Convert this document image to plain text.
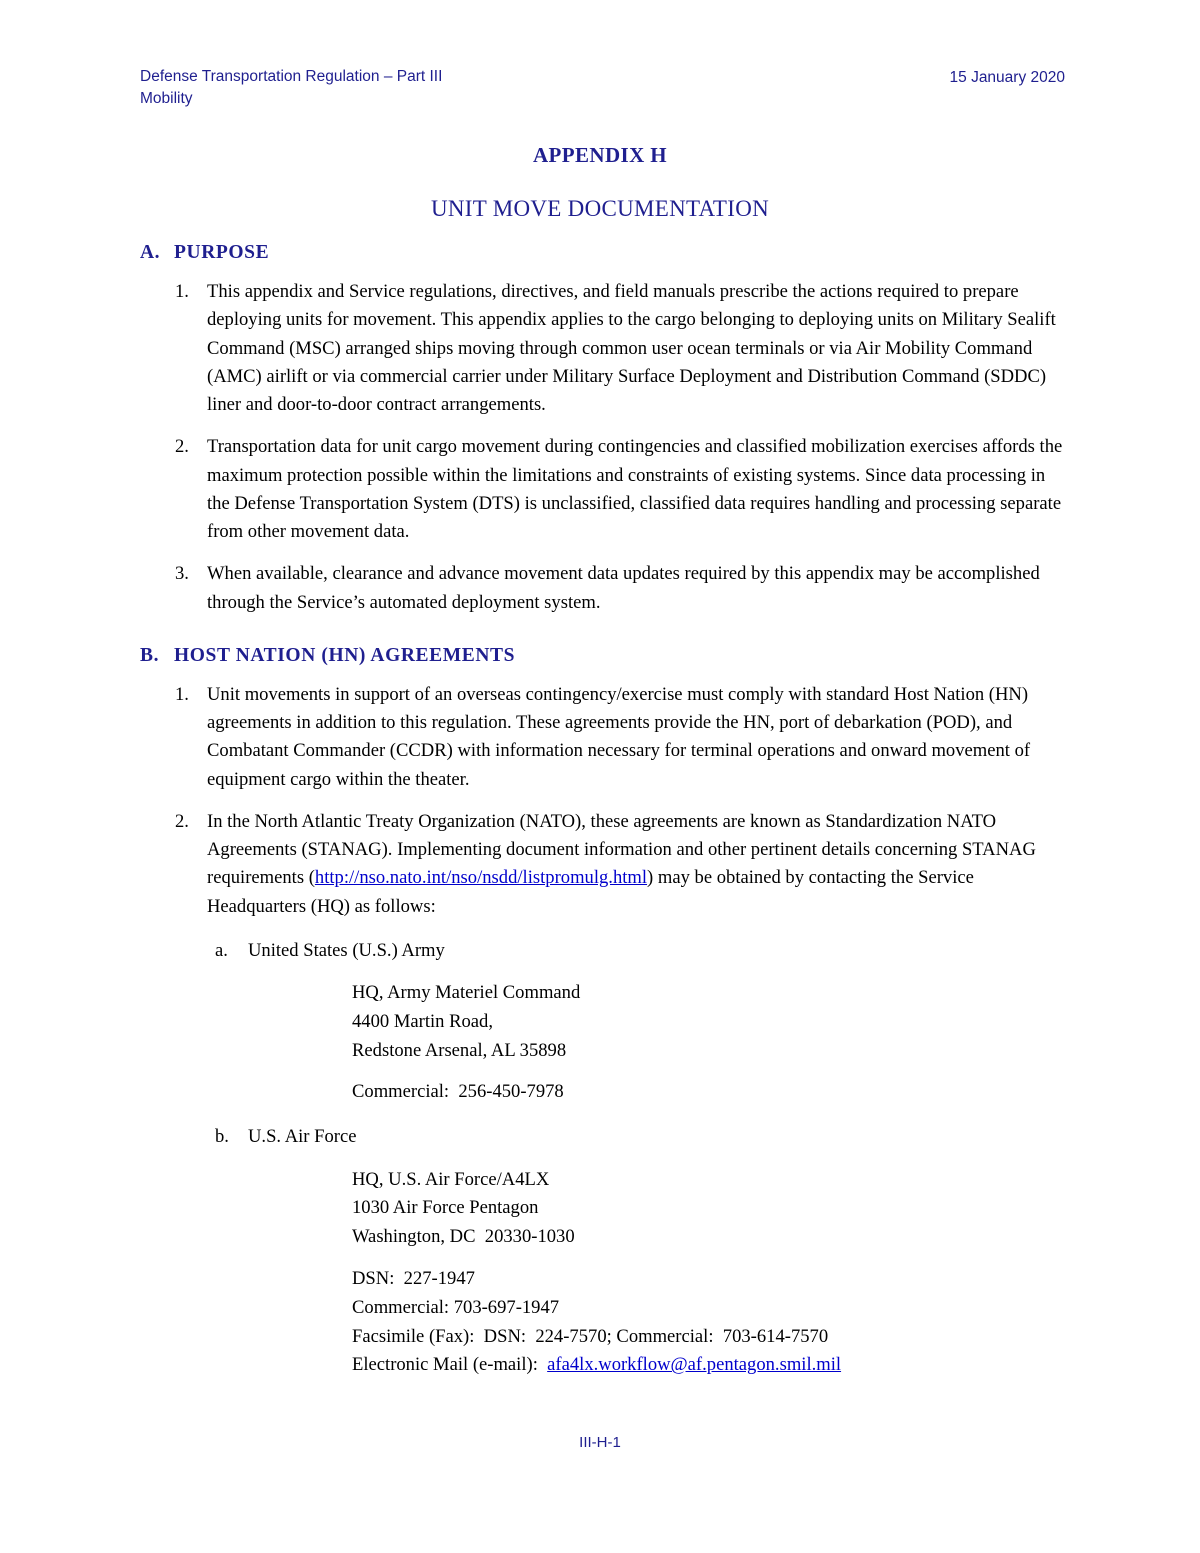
Defense Transportation Regulation – Part III
Mobility
15 January 2020
APPENDIX H
UNIT MOVE DOCUMENTATION
A. PURPOSE
1. This appendix and Service regulations, directives, and field manuals prescribe the actions required to prepare deploying units for movement. This appendix applies to the cargo belonging to deploying units on Military Sealift Command (MSC) arranged ships moving through common user ocean terminals or via Air Mobility Command (AMC) airlift or via commercial carrier under Military Surface Deployment and Distribution Command (SDDC) liner and door-to-door contract arrangements.
2. Transportation data for unit cargo movement during contingencies and classified mobilization exercises affords the maximum protection possible within the limitations and constraints of existing systems. Since data processing in the Defense Transportation System (DTS) is unclassified, classified data requires handling and processing separate from other movement data.
3. When available, clearance and advance movement data updates required by this appendix may be accomplished through the Service’s automated deployment system.
B. HOST NATION (HN) AGREEMENTS
1. Unit movements in support of an overseas contingency/exercise must comply with standard Host Nation (HN) agreements in addition to this regulation. These agreements provide the HN, port of debarkation (POD), and Combatant Commander (CCDR) with information necessary for terminal operations and onward movement of equipment cargo within the theater.
2. In the North Atlantic Treaty Organization (NATO), these agreements are known as Standardization NATO Agreements (STANAG). Implementing document information and other pertinent details concerning STANAG requirements (http://nso.nato.int/nso/nsdd/listpromulg.html) may be obtained by contacting the Service Headquarters (HQ) as follows:
a.	United States (U.S.) Army
HQ, Army Materiel Command
4400 Martin Road,
Redstone Arsenal, AL 35898
Commercial:  256-450-7978
b.	U.S. Air Force
HQ, U.S. Air Force/A4LX
1030 Air Force Pentagon
Washington, DC  20330-1030
DSN:  227-1947
Commercial: 703-697-1947
Facsimile (Fax):  DSN:  224-7570; Commercial:  703-614-7570
Electronic Mail (e-mail):  afa4lx.workflow@af.pentagon.smil.mil
III-H-1
